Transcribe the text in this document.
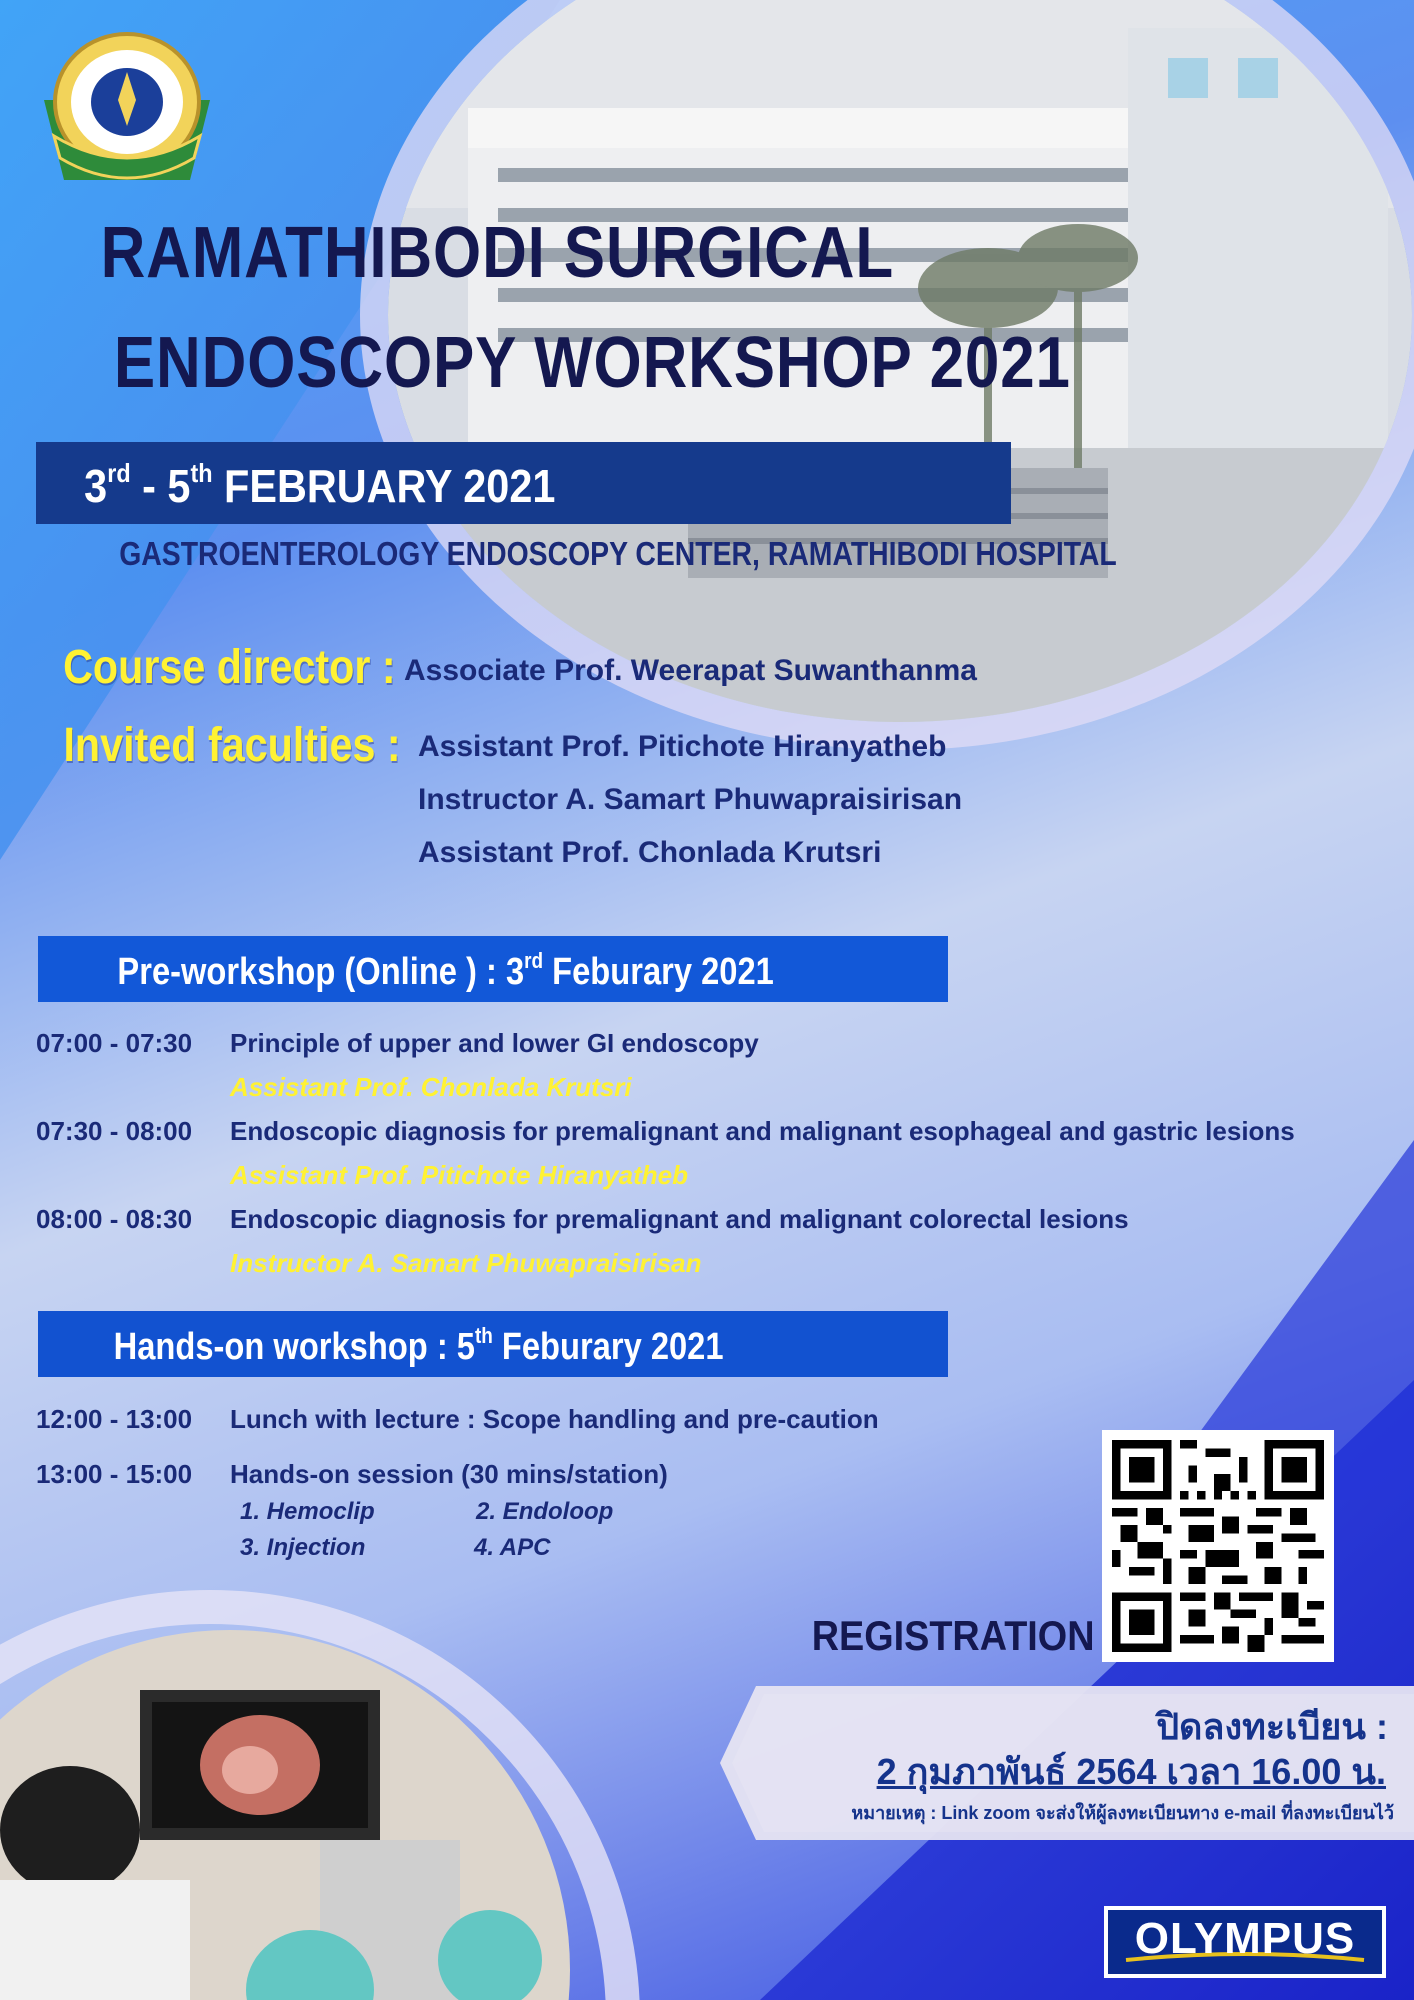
RAMATHIBODI SURGICAL
ENDOSCOPY WORKSHOP 2021
3rd - 5th FEBRUARY 2021
GASTROENTEROLOGY ENDOSCOPY CENTER, RAMATHIBODI HOSPITAL
Course director : Associate Prof. Weerapat Suwanthanma
Invited faculties : Assistant Prof. Pitichote Hiranyatheb
Instructor A. Samart Phuwapraisirisan
Assistant Prof. Chonlada Krutsri
Pre-workshop (Online ) : 3rd Feburary 2021
07:00 - 07:30 Principle of upper and lower GI endoscopy
Assistant Prof. Chonlada Krutsri
07:30 - 08:00 Endoscopic diagnosis for premalignant and malignant esophageal and gastric lesions
Assistant Prof. Pitichote Hiranyatheb
08:00 - 08:30 Endoscopic diagnosis for premalignant and malignant colorectal lesions
Instructor A. Samart Phuwapraisirisan
Hands-on workshop : 5th Feburary 2021
12:00 - 13:00 Lunch with lecture : Scope handling and pre-caution
13:00 - 15:00 Hands-on session (30 mins/station)
1. Hemoclip	2. Endoloop
3. Injection	4. APC
REGISTRATION
ปิดลงทะเบียน :
2 กุมภาพันธ์ 2564 เวลา 16.00 น.
หมายเหตุ : Link zoom จะส่งให้ผู้ลงทะเบียนทาง e-mail ที่ลงทะเบียนไว้
OLYMPUS
